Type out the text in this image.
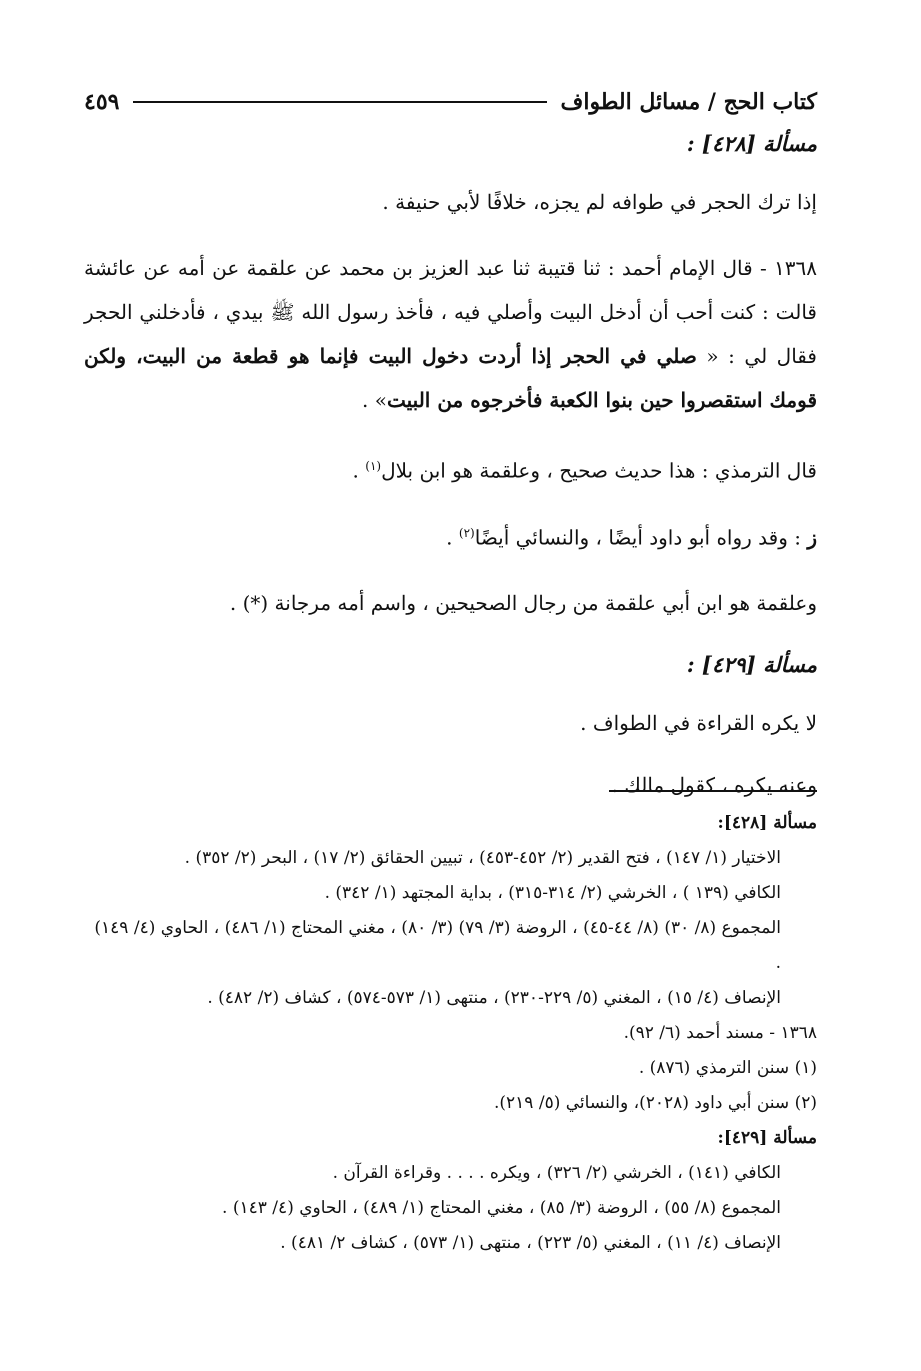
كتاب الحج / مسائل الطواف
٤٥٩

مسألة [٤٢٨] :

إذا ترك الحجر في طوافه لم يجزه، خلافًا لأبي حنيفة .

١٣٦٨ - قال الإمام أحمد : ثنا قتيبة ثنا عبد العزيز بن محمد عن علقمة عن أمه عن عائشة قالت : كنت أحب أن أدخل البيت وأصلي فيه ، فأخذ رسول الله ﷺ بيدي ، فأدخلني الحجر فقال لي : « صلي في الحجر إذا أردت دخول البيت فإنما هو قطعة من البيت، ولكن قومك استقصروا حين بنوا الكعبة فأخرجوه من البيت» .

قال الترمذي : هذا حديث صحيح ، وعلقمة هو ابن بلال$^{(١)}$ .

ز : وقد رواه أبو داود أيضًا ، والنسائي أيضًا$^{(٢)}$ .

وعلقمة هو ابن أبي علقمة من رجال الصحيحين ، واسم أمه مرجانة (*) .

مسألة [٤٢٩] :

لا يكره القراءة في الطواف .

وعنه يكره ، كقول مالك .

مسألة [٤٢٨]:

الاختيار (١/ ١٤٧) ، فتح القدير (٢/ ٤٥٢-٤٥٣) ، تبيين الحقائق (٢/ ١٧) ، البحر (٢/ ٣٥٢) .

الكافي (١٣٩ ) ، الخرشي (٢/ ٣١٤-٣١٥) ، بداية المجتهد (١/ ٣٤٢) .

المجموع (٨/ ٣٠) (٨/ ٤٤-٤٥) ، الروضة (٣/ ٧٩) (٣/ ٨٠) ، مغني المحتاج (١/ ٤٨٦) ، الحاوي (٤/ ١٤٩) .

الإنصاف (٤/ ١٥) ، المغني (٥/ ٢٢٩-٢٣٠) ، منتهى (١/ ٥٧٣-٥٧٤) ، كشاف (٢/ ٤٨٢) .

١٣٦٨ - مسند أحمد (٦/ ٩٢).

(١) سنن الترمذي (٨٧٦) .

(٢) سنن أبي داود (٢٠٢٨)، والنسائي (٥/ ٢١٩).

مسألة [٤٢٩]:

الكافي (١٤١) ، الخرشي (٢/ ٣٢٦) ، ويكره . . . . وقراءة القرآن .

المجموع (٨/ ٥٥) ، الروضة (٣/ ٨٥) ، مغني المحتاج (١/ ٤٨٩) ، الحاوي (٤/ ١٤٣) .

الإنصاف (٤/ ١١) ، المغني (٥/ ٢٢٣) ، منتهى (١/ ٥٧٣) ، كشاف ٢/ ٤٨١) .
